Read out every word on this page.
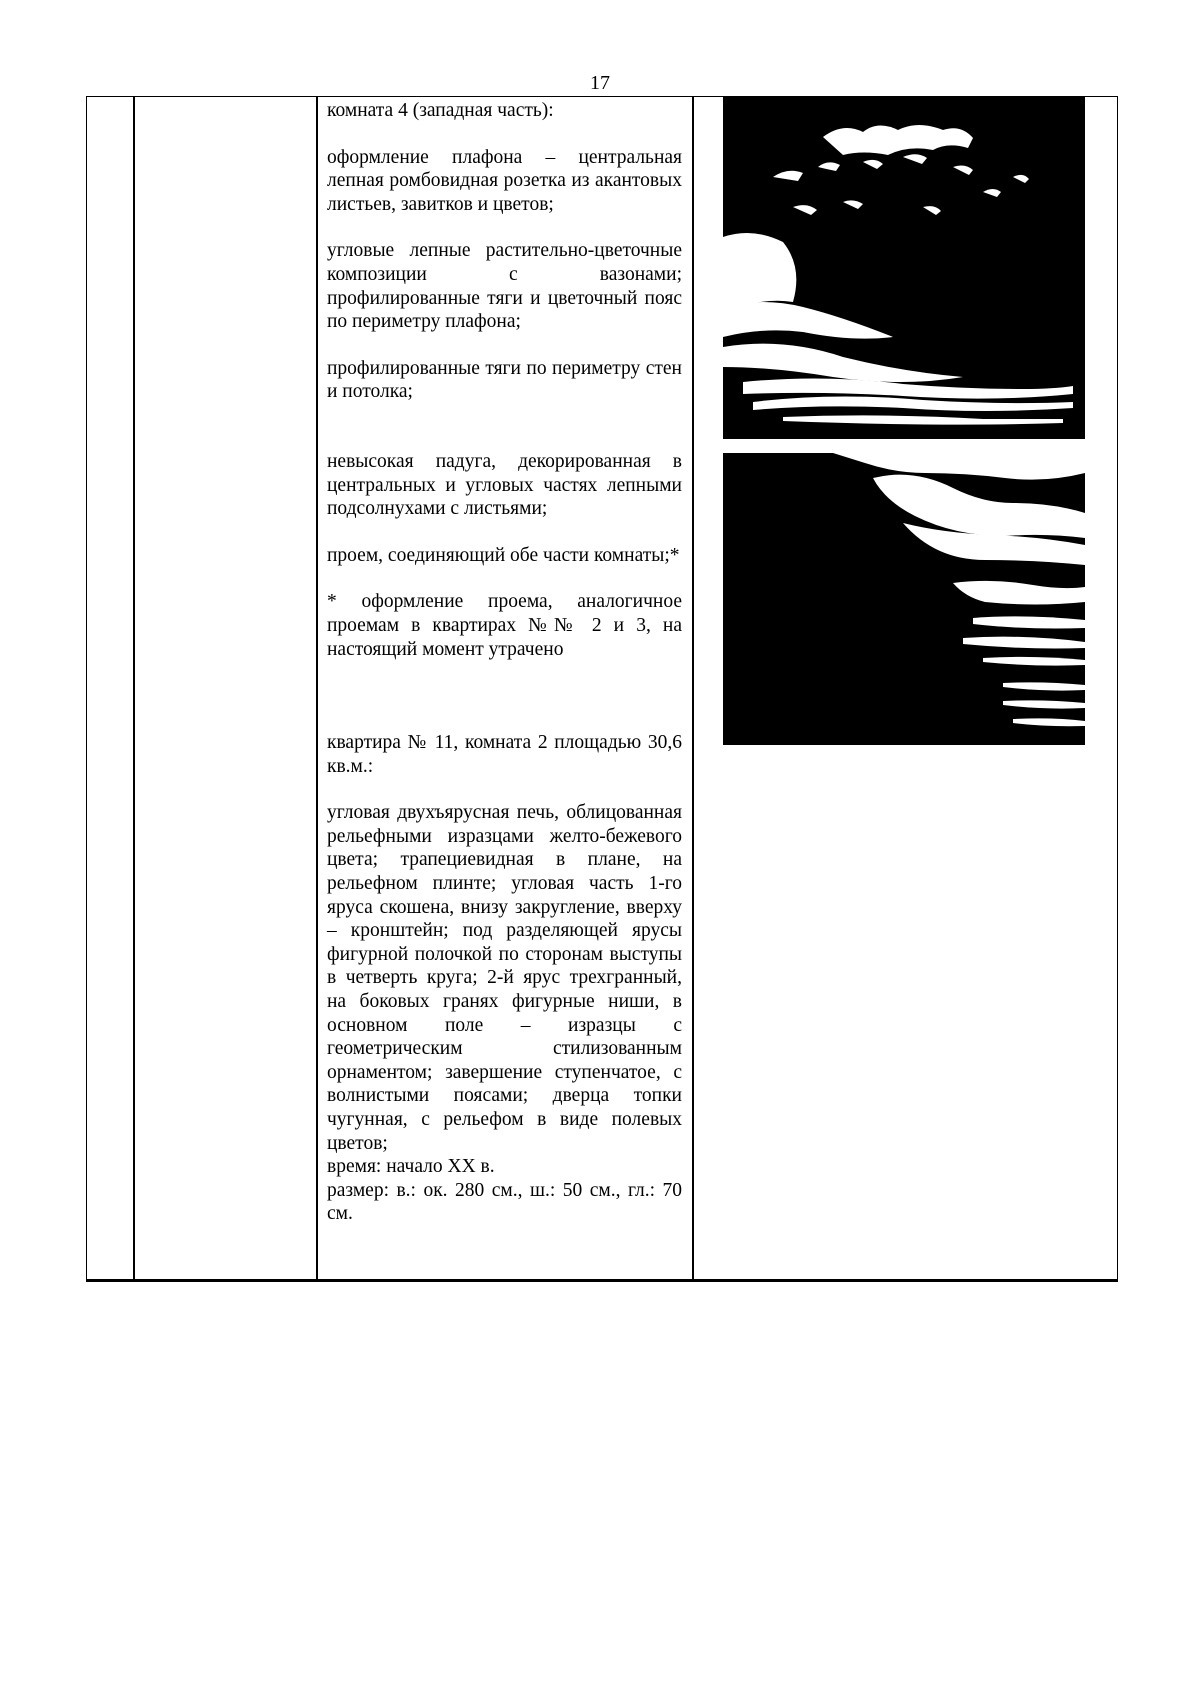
17

комната 4 (западная часть):

оформление плафона – центральная лепная ромбовидная розетка из акантовых листьев, завитков и цветов;

угловые лепные растительно-цветочные композиции с вазонами; профилированные тяги и цветочный пояс по периметру плафона;

профилированные тяги по периметру стен и потолка;

невысокая падуга, декорированная в центральных и угловых частях лепными подсолнухами с листьями;

проем, соединяющий обе части комнаты;*

* оформление проема, аналогичное проемам в квартирах №№ 2 и 3, на настоящий момент утрачено

квартира № 11, комната 2 площадью 30,6 кв.м.:

угловая двухъярусная печь, облицованная рельефными изразцами желто-бежевого цвета; трапециевидная в плане, на рельефном плинте; угловая часть 1-го яруса скошена, внизу закругление, вверху – кронштейн; под разделяющей ярусы фигурной полочкой по сторонам выступы в четверть круга; 2-й ярус трехгранный, на боковых гранях фигурные ниши, в основном поле – изразцы с геометрическим стилизованным орнаментом; завершение ступенчатое, с волнистыми поясами; дверца топки чугунная, с рельефом в виде полевых цветов;

время: начало XX в.

размер: в.: ок. 280 см., ш.: 50 см., гл.: 70 см.
